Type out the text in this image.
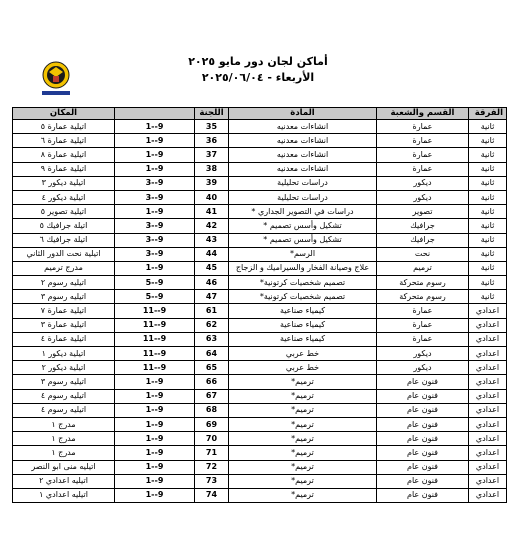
أماكن لجان دور مايو ٢٠٢٥
الأربعاء - ٢٠٢٥/٠٦/٠٤
الفرقة	القسم والشعبة	المادة	اللجنة		المكان
ثانية	عمارة	انشاءات معدنيه	35	1--9	اتيلية عمارة ٥
ثانية	عمارة	انشاءات معدنيه	36	1--9	اتيلية عمارة ٦
ثانية	عمارة	انشاءات معدنيه	37	1--9	اتيلية عمارة ٨
ثانية	عمارة	انشاءات معدنيه	38	1--9	اتيلية عمارة ٩
ثانية	ديكور	دراسات تحليلية	39	3--9	اتيلية ديكور ٣
ثانية	ديكور	دراسات تحليلية	40	3--9	اتيلية ديكور ٤
ثانية	تصوير	دراسات في التصوير الجداري *	41	1--9	اتيلية تصوير ٥
ثانية	جرافيك	تشكيل وأسس تصميم *	42	3--9	اتيلة جرافيك ٥
ثانية	جرافيك	تشكيل وأسس تصميم *	43	3--9	اتيلة جرافيك ٦
ثانية	نحت	الرسم*	44	3--9	اتيلية نحت الدور الثاني
ثانية	ترميم	علاج وصيانة الفخار والسيراميك و الزجاج	45	1--9	مدرج ترميم
ثانية	رسوم متحركة	تصميم شخصيات كرتونية*	46	5--9	اتيليه رسوم ٢
ثانية	رسوم متحركة	تصميم شخصيات كرتونية*	47	5--9	اتيليه رسوم ٣
اعدادي	عمارة	كيمياء صناعية	61	11--9	اتيلية عمارة ٧
اعدادي	عمارة	كيمياء صناعية	62	11--9	اتيلية عمارة ٣
اعدادي	عمارة	كيمياء صناعية	63	11--9	اتيلية عمارة ٤
اعدادي	ديكور	خط عربي	64	11--9	اتيلية ديكور ١
اعدادي	ديكور	خط عربي	65	11--9	اتيلية ديكور ٢
اعدادي	فنون عام	ترميم*	66	1--9	اتيليه رسوم ٣
اعدادي	فنون عام	ترميم*	67	1--9	اتيليه رسوم ٤
اعدادي	فنون عام	ترميم*	68	1--9	اتيليه رسوم ٤
اعدادي	فنون عام	ترميم*	69	1--9	مدرج ١
اعدادي	فنون عام	ترميم*	70	1--9	مدرج ١
اعدادي	فنون عام	ترميم*	71	1--9	مدرج ١
اعدادي	فنون عام	ترميم*	72	1--9	اتيليه منى ابو النصر
اعدادي	فنون عام	ترميم*	73	1--9	اتيليه اعدادي ٢
اعدادي	فنون عام	ترميم*	74	1--9	اتيليه اعدادي ١
